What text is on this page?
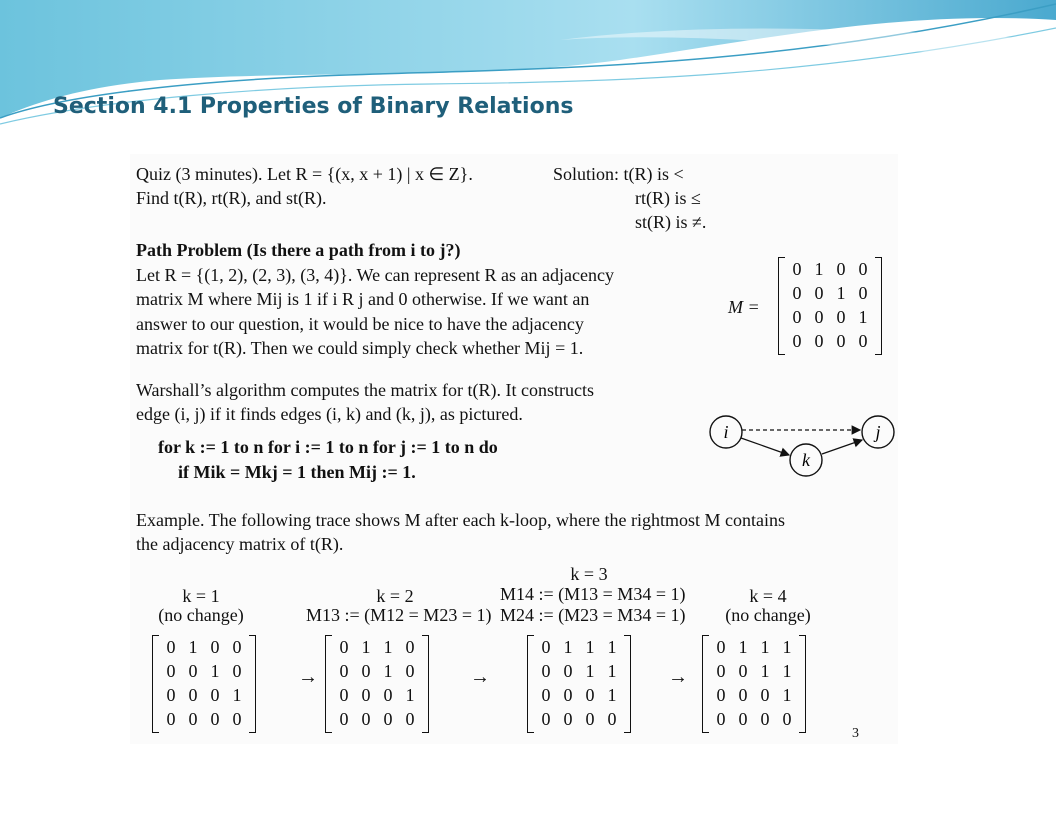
Section 4.1 Properties of Binary Relations

Quiz (3 minutes). Let R = {(x, x + 1) | x ∈ Z}.

Find t(R), rt(R), and st(R).

Solution: t(R) is <

rt(R) is ≤

st(R) is ≠.

Path Problem (Is there a path from i to j?)

Let R = {(1, 2), (2, 3), (3, 4)}. We can represent R as an adjacency

matrix M where Mij is 1 if i R j and 0 otherwise. If we want an

answer to our question, it would be nice to have the adjacency

matrix for t(R). Then we could simply check whether Mij = 1.

M =

0 1 0 0
0 0 1 0
0 0 0 1
0 0 0 0

Warshall’s algorithm computes the matrix for t(R). It constructs

edge (i, j) if it finds edges (i, k) and (k, j), as pictured.

for k := 1 to n for i := 1 to n for j := 1 to n do

if Mik = Mkj = 1 then Mij := 1.

i	j
k

Example. The following trace shows M after each k-loop, where the rightmost M contains

the adjacency matrix of t(R).

k = 1
(no change)
0 1 0 0
0 0 1 0
0 0 0 1
0 0 0 0
→
k = 2
M13 := (M12 = M23 = 1)
0 1 1 0
0 0 1 0
0 0 0 1
0 0 0 0
→
k = 3
M14 := (M13 = M34 = 1)
M24 := (M23 = M34 = 1)
0 1 1 1
0 0 1 1
0 0 0 1
0 0 0 0
→
k = 4
(no change)
0 1 1 1
0 0 1 1
0 0 0 1
0 0 0 0
3
